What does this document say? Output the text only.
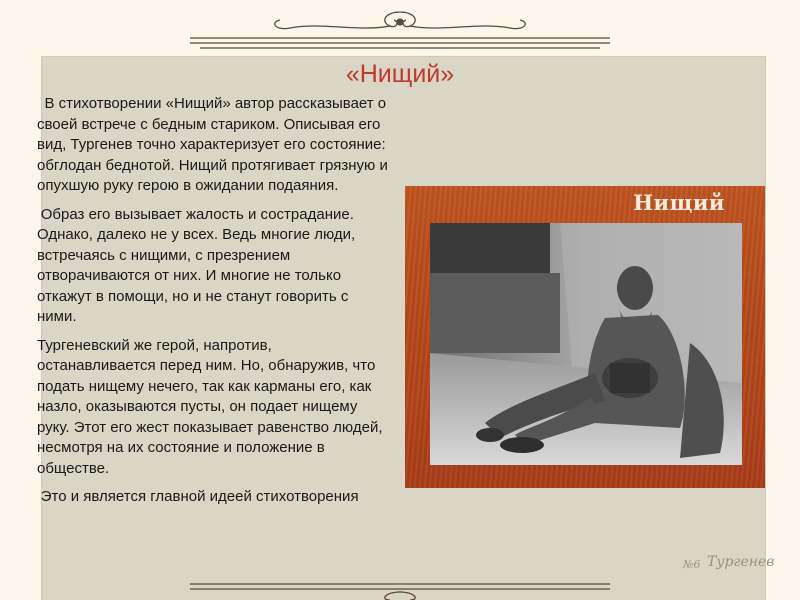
«Нищий»

В стихотворении «Нищий» автор рассказывает о своей встрече с бедным стариком. Описывая его вид, Тургенев точно характеризует его состояние: обглодан беднотой. Нищий протягивает грязную и опухшую руку герою в ожидании подаяния.

Образ его вызывает жалость и сострадание. Однако, далеко не у всех. Ведь многие люди, встречаясь с нищими, с презрением отворачиваются от них. И многие не только откажут в помощи, но и не станут говорить с ними.

Тургеневский же герой, напротив, останавливается перед ним. Но, обнаружив, что подать нищему нечего, так как карманы его, как назло, оказываются пусты, он подает нищему руку. Этот его жест показывает равенство людей, несмотря на их состояние и положение в обществе.

Это и является главной идеей стихотворения

Нищий
№6 Тургенев
